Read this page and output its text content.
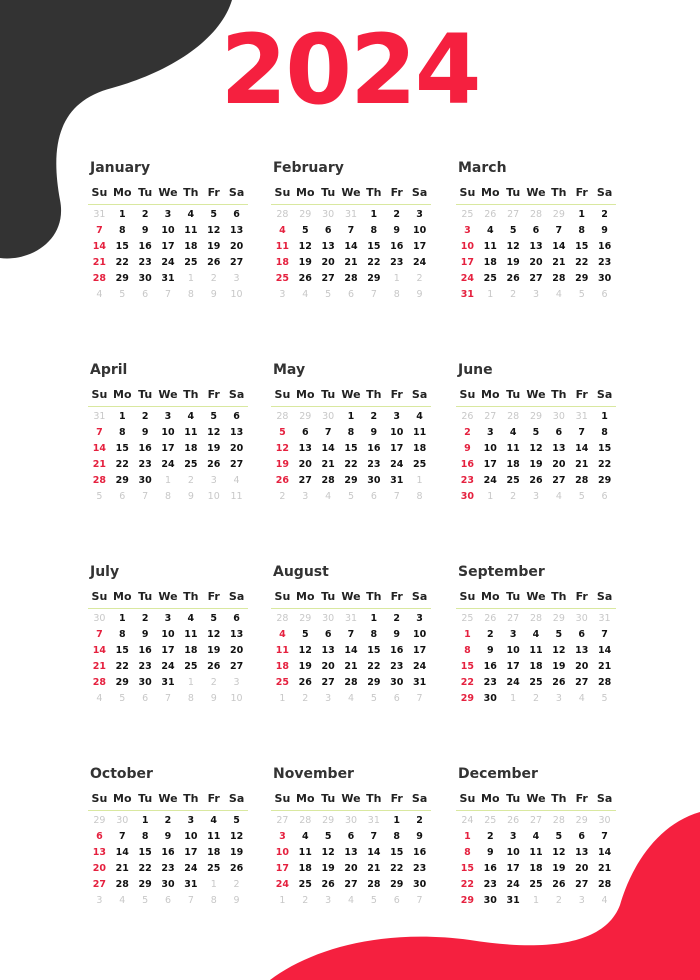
2024
January
Su Mo Tu We Th Fr Sa
31	1	2	3	4	5	6
7	8	9	10	11	12	13
14	15	16	17	18	19	20
21	22	23	24	25	26	27
28	29	30	31	1	2	3
4	5	6	7	8	9	10
February
Su Mo Tu We Th Fr Sa
28	29	30	31	1	2	3
4	5	6	7	8	9	10
11	12	13	14	15	16	17
18	19	20	21	22	23	24
25	26	27	28	29	1	2
3	4	5	6	7	8	9
March
Su Mo Tu We Th Fr Sa
25	26	27	28	29	1	2
3	4	5	6	7	8	9
10	11	12	13	14	15	16
17	18	19	20	21	22	23
24	25	26	27	28	29	30
31	1	2	3	4	5	6
April
Su Mo Tu We Th Fr Sa
31	1	2	3	4	5	6
7	8	9	10	11	12	13
14	15	16	17	18	19	20
21	22	23	24	25	26	27
28	29	30	1	2	3	4
5	6	7	8	9	10	11
May
Su Mo Tu We Th Fr Sa
28	29	30	1	2	3	4
5	6	7	8	9	10	11
12	13	14	15	16	17	18
19	20	21	22	23	24	25
26	27	28	29	30	31	1
2	3	4	5	6	7	8
June
Su Mo Tu We Th Fr Sa
26	27	28	29	30	31	1
2	3	4	5	6	7	8
9	10	11	12	13	14	15
16	17	18	19	20	21	22
23	24	25	26	27	28	29
30	1	2	3	4	5	6
July
Su Mo Tu We Th Fr Sa
30	1	2	3	4	5	6
7	8	9	10	11	12	13
14	15	16	17	18	19	20
21	22	23	24	25	26	27
28	29	30	31	1	2	3
4	5	6	7	8	9	10
August
Su Mo Tu We Th Fr Sa
28	29	30	31	1	2	3
4	5	6	7	8	9	10
11	12	13	14	15	16	17
18	19	20	21	22	23	24
25	26	27	28	29	30	31
1	2	3	4	5	6	7
September
Su Mo Tu We Th Fr Sa
25	26	27	28	29	30	31
1	2	3	4	5	6	7
8	9	10	11	12	13	14
15	16	17	18	19	20	21
22	23	24	25	26	27	28
29	30	1	2	3	4	5
October
Su Mo Tu We Th Fr Sa
29	30	1	2	3	4	5
6	7	8	9	10	11	12
13	14	15	16	17	18	19
20	21	22	23	24	25	26
27	28	29	30	31	1	2
3	4	5	6	7	8	9
November
Su Mo Tu We Th Fr Sa
27	28	29	30	31	1	2
3	4	5	6	7	8	9
10	11	12	13	14	15	16
17	18	19	20	21	22	23
24	25	26	27	28	29	30
1	2	3	4	5	6	7
December
Su Mo Tu We Th Fr Sa
24	25	26	27	28	29	30
1	2	3	4	5	6	7
8	9	10	11	12	13	14
15	16	17	18	19	20	21
22	23	24	25	26	27	28
29	30	31	1	2	3	4
